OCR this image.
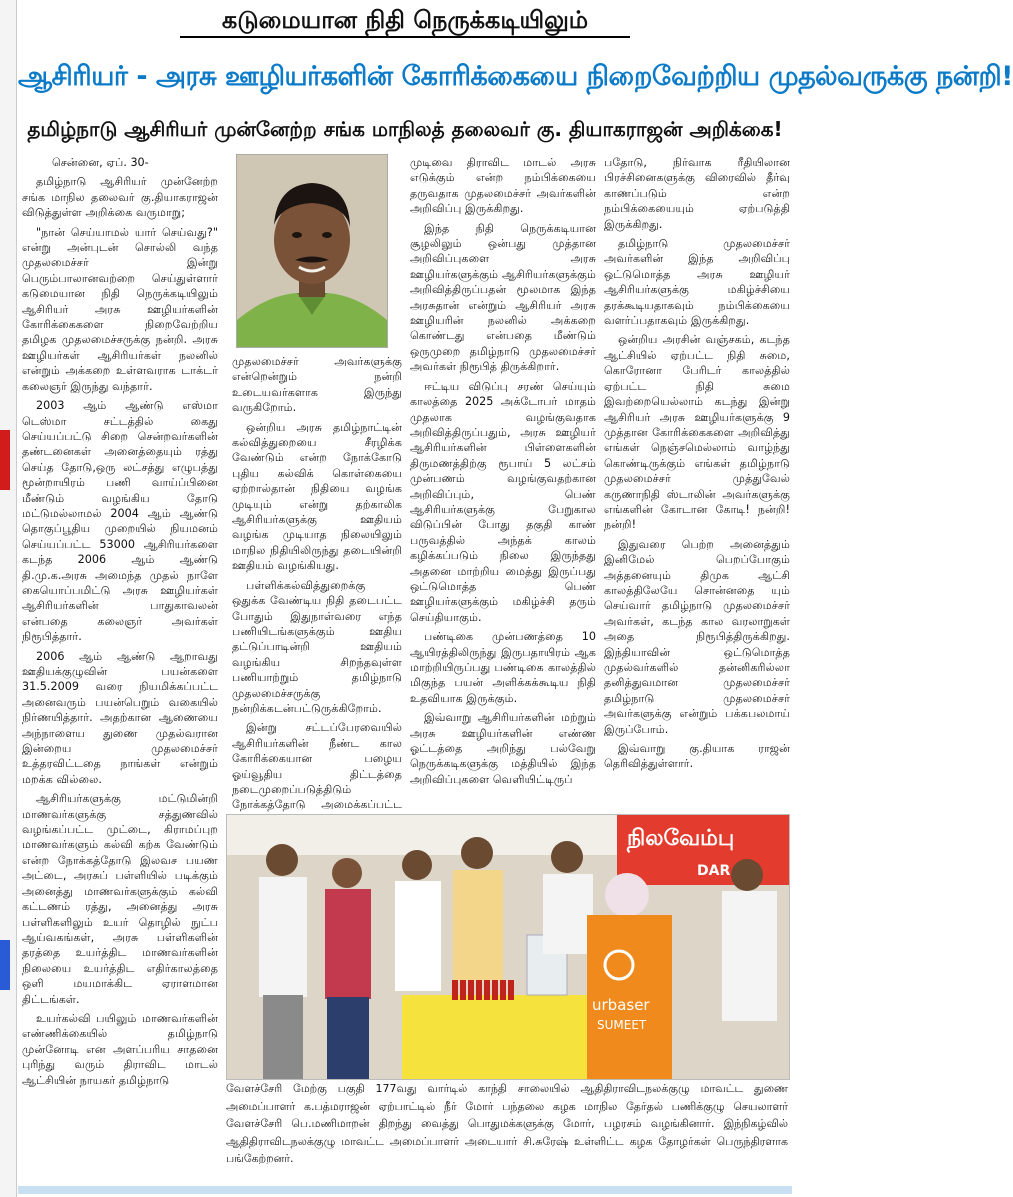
கடுமையான நிதி நெருக்கடியிலும்
ஆசிரியர் - அரசு ஊழியர்களின் கோரிக்கையை நிறைவேற்றிய முதல்வருக்கு நன்றி!
தமிழ்நாடு ஆசிரியர் முன்னேற்ற சங்க மாநிலத் தலைவர் கு. தியாகராஜன் அறிக்கை!

சென்னை, ஏப். 30-

தமிழ்நாடு ஆசிரியர் முன்னேற்ற சங்க மாநில தலைவர் கு.தியாகராஜன் விடுத்துள்ள அறிக்கை வருமாறு;

"நான் செய்யாமல் யார் செய்வது?" என்று அன்புடன் சொல்லி வந்த முதலமைச்சர் இன்று பெரும்பாலானவற்றை செய்துள்ளார் கடுமையான நிதி நெருக்கடியிலும் ஆசிரியர் அரசு ஊழியர்களின் கோரிக்கைகளை நிறைவேற்றிய தமிழக முதலமைச்சருக்கு நன்றி. அரசு ஊழியர்கள் ஆசிரியர்கள் நலனில் என்றும் அக்கறை உள்ளவராக டாக்டர் கலைஞர் இருந்து வந்தார்.

2003 ஆம் ஆண்டு எஸ்மா டெஸ்மா சட்டத்தில் கைது செய்யப்பட்டு சிறை சென்றவர்களின் தண்டனைகள் அனைத்தையும் ரத்து செய்த தோடு,ஒரு லட்சத்து எழுபத்து மூன்றாயிரம் பணி வாய்ப்பினை மீண்டும் வழங்கிய தோடு மட்டுமல்லாமல் 2004 ஆம் ஆண்டு தொகுப்பூதிய முறையில் நியமனம் செய்யப்பட்ட 53000 ஆசிரியர்களை கடந்த 2006 ஆம் ஆண்டு தி.மு.க.அரசு அமைந்த முதல் நாளே கையொப்பமிட்டு அரசு ஊழியர்கள் ஆசிரியர்களின் பாதுகாவலன் என்பதை கலைஞர் அவர்கள் நிரூபித்தார்.

2006 ஆம் ஆண்டு ஆறாவது ஊதியக்குழுவின் பயன்களை 31.5.2009 வரை நியமிக்கப்பட்ட அனைவரும் பயன்பெறும் வகையில் நிர்ணயித்தார். அதற்கான ஆணையை அந்நாளைய துணை முதல்வரான இன்றைய முதலமைச்சர் உத்தரவிட்டதை நாங்கள் என்றும் மறக்க வில்லை.

ஆசிரியர்களுக்கு மட்டுமின்றி மாணவர்களுக்கு சத்துணவில் வழங்கப்பட்ட முட்டை, கிராமப்புற மாணவர்களும் கல்வி கற்க வேண்டும் என்ற நோக்கத்தோடு இலவச பயண அட்டை, அரசுப் பள்ளியில் படிக்கும் அனைத்து மாணவர்களுக்கும் கல்வி கட்டணம் ரத்து, அனைத்து அரசு பள்ளிகளிலும் உயர் தொழில் நுட்ப ஆய்வகங்கள், அரசு பள்ளிகளின் தரத்தை உயர்த்திட மாணவர்களின் நிலையை உயர்த்திட எதிர்காலத்தை ஒளி மயமாக்கிட ஏராளமான திட்டங்கள்.

உயர்கல்வி பயிலும் மாணவர்களின் எண்ணிக்கையில் தமிழ்நாடு முன்னோடி என அளப்பரிய சாதனை புரிந்து வரும் திராவிட மாடல் ஆட்சியின் நாயகர் தமிழ்நாடு

முதலமைச்சர் அவர்களுக்கு என்றென்றும் நன்றி உடையவர்களாக இருந்து வருகிறோம்.

ஒன்றிய அரசு தமிழ்நாட்டின் கல்வித்துறையை சீரழிக்க வேண்டும் என்ற நோக்கோடு புதிய கல்விக் கொள்கையை ஏற்றால்தான் நிதியை வழங்க முடியும் என்று தற்காலிக ஆசிரியர்களுக்கு ஊதியம் வழங்க முடியாத நிலையிலும் மாநில நிதியிலிருந்து தடையின்றி ஊதியம் வழங்கியது.

பள்ளிக்கல்வித்துறைக்கு ஒதுக்க வேண்டிய நிதி தடைபட்ட போதும் இதுநாள்வரை எந்த பணியிடங்களுக்கும் ஊதிய தட்டுப்பாடின்றி ஊதியம் வழங்கிய சிறந்தவுள்ள பணியாற்றும் தமிழ்நாடு முதலமைச்சருக்கு நன்றிக்கடன்பட்டுருக்கிறோம்.

இன்று சட்டப்பேரவையில் ஆசிரியர்களின் நீண்ட கால கோரிக்கையான பழைய ஓய்வூதிய திட்டத்தை நடைமுறைப்படுத்திடும் நோக்கத்தோடு அமைக்கப்பட்ட

முடிவை திராவிட மாடல் அரசு எடுக்கும் என்ற நம்பிக்கையை தருவதாக முதலமைச்சர் அவர்களின் அறிவிப்பு இருக்கிறது.

இந்த நிதி நெருக்கடியான சூழலிலும் ஒன்பது முத்தான அறிவிப்புகளை அரசு ஊழியர்களுக்கும் ஆசிரியர்களுக்கும் அறிவித்திருப்பதன் மூலமாக இந்த அரசுதான் என்றும் ஆசிரியர் அரசு ஊழியரின் நலனில் அக்கறை கொண்டது என்பதை மீண்டும் ஒருமுறை தமிழ்நாடு முதலமைச்சர் அவர்கள் நிரூபித் திருக்கிறார்.

ஈட்டிய விடுப்பு சரண் செய்யும் காலத்தை 2025 அக்டோபர் மாதம் முதலாக வழங்குவதாக அறிவித்திருப்பதும், அரசு ஊழியர் ஆசிரியர்களின் பிள்ளைகளின் திருமணத்திற்கு ரூபாய் 5 லட்சம் முன்பணம் வழங்குவதற்கான அறிவிப்பும், பெண் ஆசிரியர்களுக்கு பேறுகால விடுப்பின் போது தகுதி காண் பருவத்தில் அந்தக் காலம் கழிக்கப்படும் நிலை இருந்தது அதனை மாற்றிய மைத்து இருப்பது ஒட்டுமொத்த பெண் ஊழியர்களுக்கும் மகிழ்ச்சி தரும் செய்தியாகும்.

பண்டிகை முன்பணத்தை 10 ஆயிரத்திலிருந்து இருபதாயிரம் ஆக மாற்றியிருப்பது பண்டிகை காலத்தில் மிகுந்த பயன் அளிக்கக்கூடிய நிதி உதவியாக இருக்கும்.

இவ்வாறு ஆசிரியர்களின் மற்றும் அரசு ஊழியர்களின் எண்ண ஓட்டத்தை அறிந்து பல்வேறு நெருக்கடிகளுக்கு மத்தியில் இந்த அறிவிப்புகளை வெளியிட்டிருப்

பதோடு, நிர்வாக ரீதியிலான பிரச்சினைகளுக்கு விரைவில் தீர்வு காணப்படும் என்ற நம்பிக்கையையும் ஏற்படுத்தி இருக்கிறது.

தமிழ்நாடு முதலமைச்சர் அவர்களின் இந்த அறிவிப்பு ஒட்டுமொத்த அரசு ஊழியர் ஆசிரியர்களுக்கு மகிழ்ச்சியை தரக்கூடியதாகவும் நம்பிக்கையை வளர்ப்பதாகவும் இருக்கிறது.

ஒன்றிய அரசின் வஞ்சகம், கடந்த ஆட்சியில் ஏற்பட்ட நிதி சுமை, கொரோனா பேரிடர் காலத்தில் ஏற்பட்ட நிதி சுமை இவற்றையெல்லாம் கடந்து இன்று ஆசிரியர் அரசு ஊழியர்களுக்கு 9 முத்தான கோரிக்கைகளை அறிவித்து எங்கள் நெஞ்சமெல்லாம் வாழ்ந்து கொண்டிருக்கும் எங்கள் தமிழ்நாடு முதலமைச்சர் முத்துவேல் கருணாநிதி ஸ்டாலின் அவர்களுக்கு எங்களின் கோடான கோடி! நன்றி! நன்றி!

இதுவரை பெற்ற அனைத்தும் இனிமேல் பெறப்போகும் அத்தனையும் திமுக ஆட்சி காலத்திலேயே சொன்னதை யும் செய்வார் தமிழ்நாடு முதலமைச்சர் அவர்கள், கடந்த கால வரலாறுகள் அதை நிரூபித்திருக்கிறது. இந்தியாவின் ஒட்டுமொத்த முதல்வர்களில் தன்னிகரில்லா தனித்துவமான முதலமைச்சர் தமிழ்நாடு முதலமைச்சர் அவர்களுக்கு என்றும் பக்கபலமாய் இருப்போம்.

இவ்வாறு கு.தியாக ராஜன் தெரிவித்துள்ளார்.

நிலவேம்பு
DAR
urbaser
SUMEET
வேளச்சேரி மேற்கு பகுதி 177வது வார்டில் காந்தி சாலையில் ஆதிதிராவிடநலக்குழு மாவட்ட துணை அமைப்பாளர் க.பத்மராஜன் ஏற்பாட்டில் நீர் மோர் பந்தலை கழக மாநில தேர்தல் பணிக்குழு செயலாளர் வேளச்சேரி பெ.மணிமாறன் திறந்து வைத்து பொதுமக்களுக்கு மோர், பழரசம் வழங்கினார். இந்நிகழ்வில் ஆதிதிராவிடநலக்குழு மாவட்ட அமைப்பாளர் அடையார் சி.சுரேஷ் உள்ளிட்ட கழக தோழர்கள் பெருந்திரளாக பங்கேற்றனர்.
